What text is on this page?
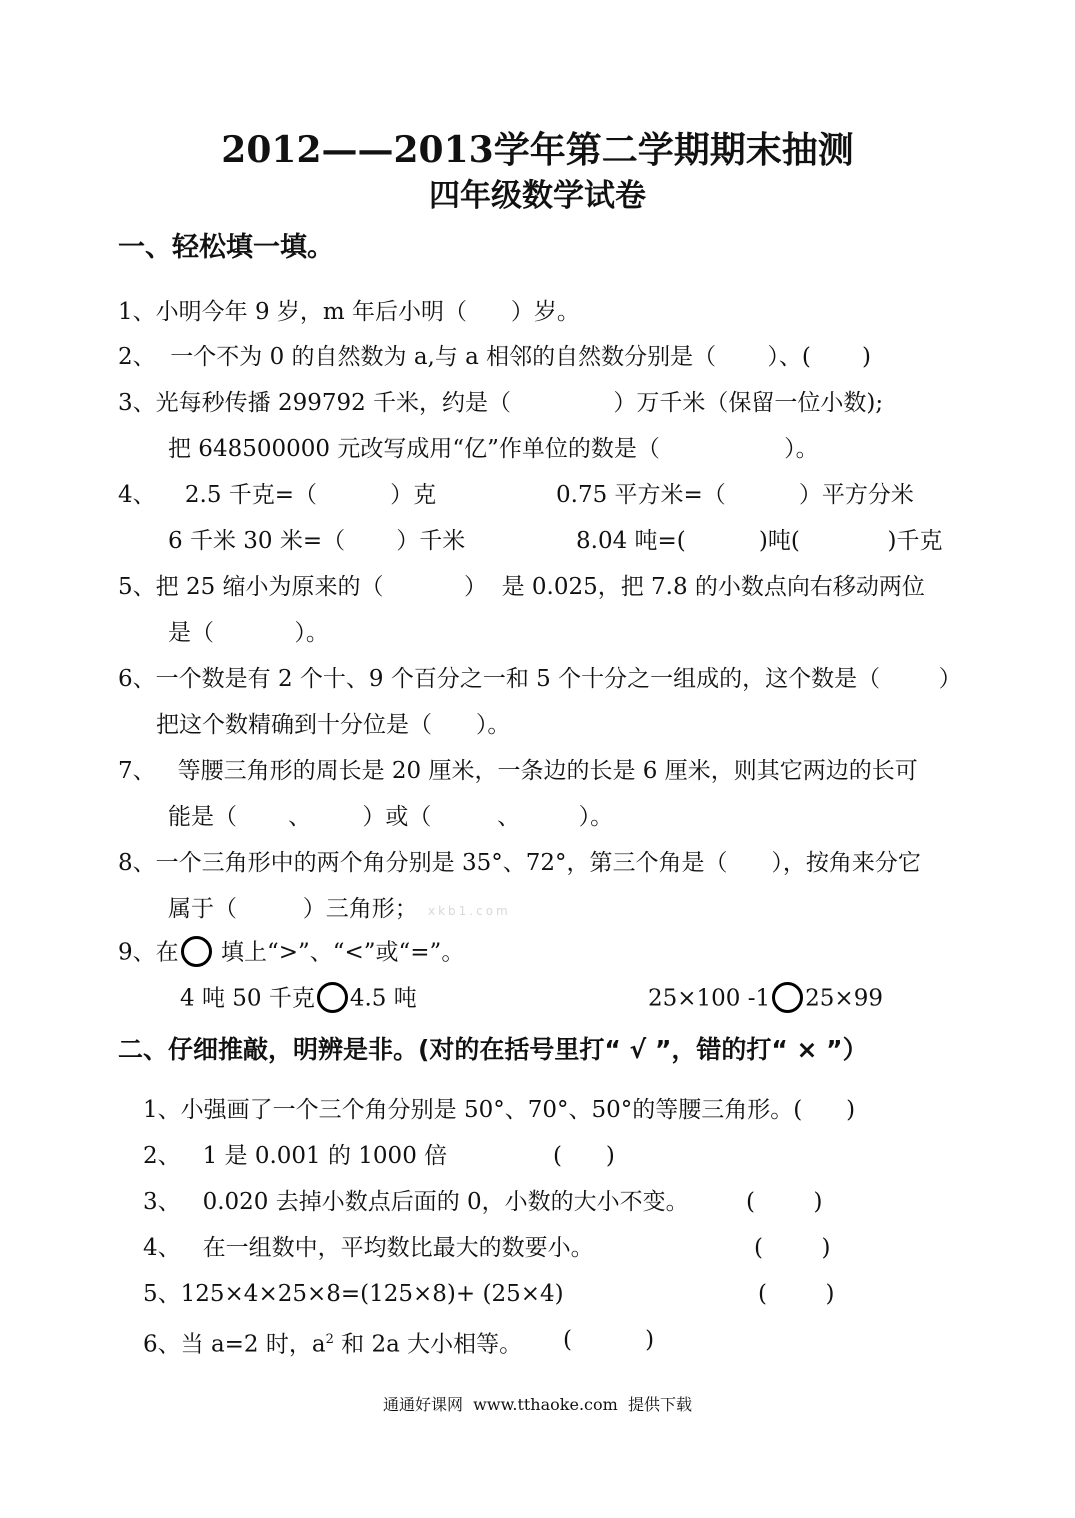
2012——2013学年第二学期期末抽测
四年级数学试卷
一、轻松填一填。
1、小明今年 9 岁，m 年后小明（      ）岁。
2、  一个不为 0 的自然数为 a,与 a 相邻的自然数分别是（       ）、(       )
3、光每秒传播 299792 千米，约是（              ）万千米（保留一位小数);
把 648500000 元改写成用“亿”作单位的数是（                 ）。
4、    2.5 千克=（          ）克	0.75 平方米=（          ）平方分米
6 千米 30 米=（       ）千米	8.04 吨=(          )吨(            )千克
5、把 25 缩小为原来的（           ）  是 0.025，把 7.8 的小数点向右移动两位
是（           ）。
6、一个数是有 2 个十、9 个百分之一和 5 个十分之一组成的，这个数是（        ）
把这个数精确到十分位是（      ）。
7、   等腰三角形的周长是 20 厘米，一条边的长是 6 厘米，则其它两边的长可
能是（       、       ）或（         、        ）。
8、一个三角形中的两个角分别是 35°、72°，第三个角是（      ），按角来分它
属于（         ）三角形； xkb1.com
9、在 填上“>”、“<”或“=”。
4 吨 50 千克 4.5 吨	25×100 -1 25×99
二、仔细推敲，明辨是非。(对的在括号里打“ √ ”，错的打“ × ”）
1、小强画了一个三个角分别是 50°、70°、50°的等腰三角形。(      )
2、   1 是 0.001 的 1000 倍	(      )
3、   0.020 去掉小数点后面的 0，小数的大小不变。 (        )
4、   在一组数中，平均数比最大的数要小。	(        )
5、125×4×25×8=(125×8)+ (25×4)	(        )
6、当 a=2 时，$a^2$ 和 2a 大小相等。 (          )
通通好课网  www.tthaoke.com  提供下载
